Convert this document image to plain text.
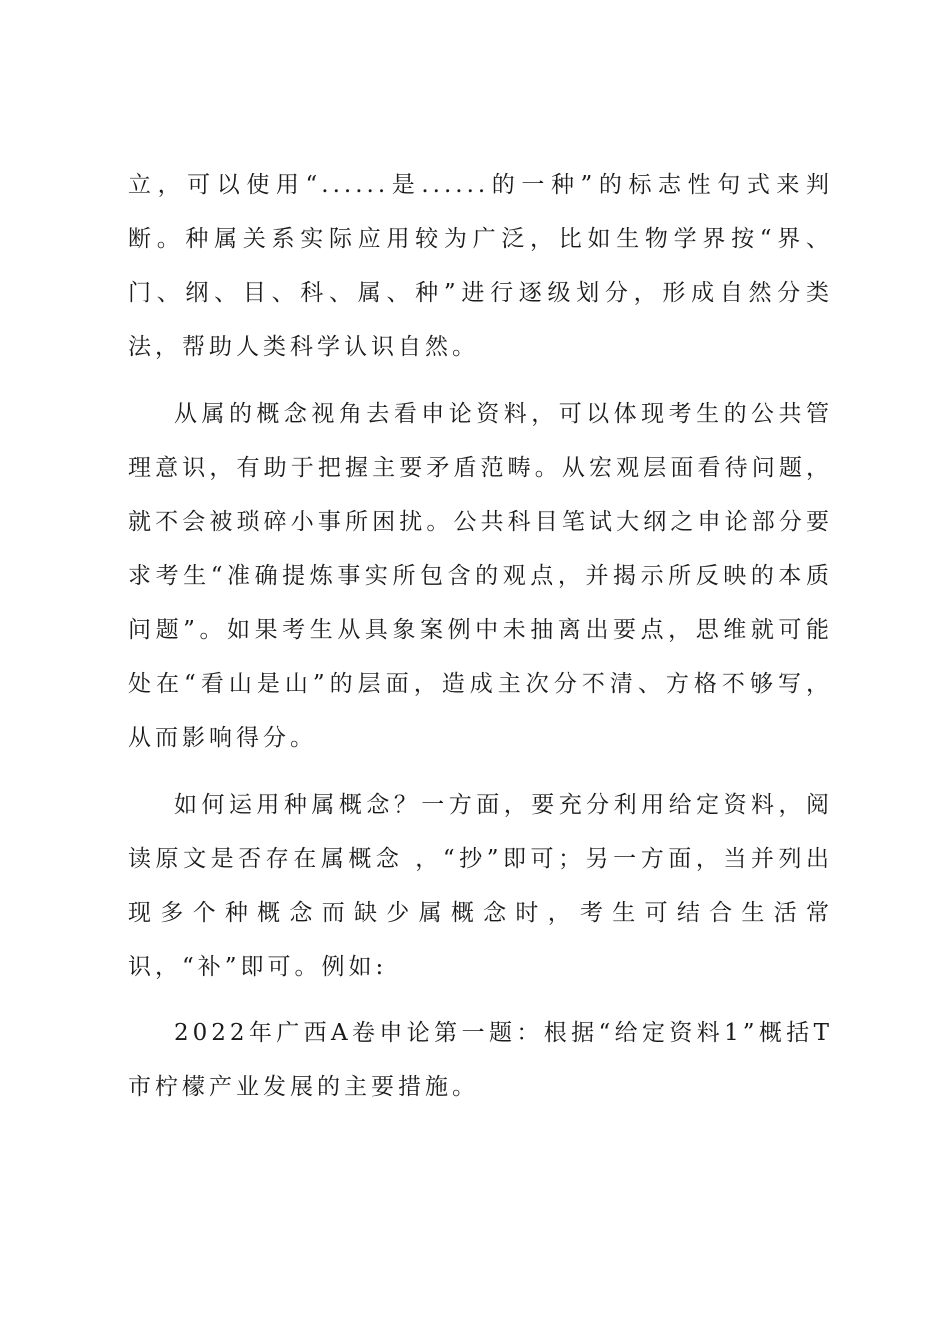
立，可以使用“......是......的一种”的标志性句式来判断。种属关系实际应用较为广泛，比如生物学界按“界、门、纲、目、科、属、种”进行逐级划分，形成自然分类法，帮助人类科学认识自然。

从属的概念视角去看申论资料，可以体现考生的公共管理意识，有助于把握主要矛盾范畴。从宏观层面看待问题，就不会被琐碎小事所困扰。公共科目笔试大纲之申论部分要求考生“准确提炼事实所包含的观点，并揭示所反映的本质问题”。如果考生从具象案例中未抽离出要点，思维就可能处在“看山是山”的层面，造成主次分不清、方格不够写，从而影响得分。

如何运用种属概念？一方面，要充分利用给定资料，阅读原文是否存在属概念 ，“抄”即可；另一方面，当并列出现多个种概念而缺少属概念时，考生可结合生活常识，“补”即可。例如:

2022年广西A卷申论第一题：根据“给定资料1”概括T市柠檬产业发展的主要措施。
